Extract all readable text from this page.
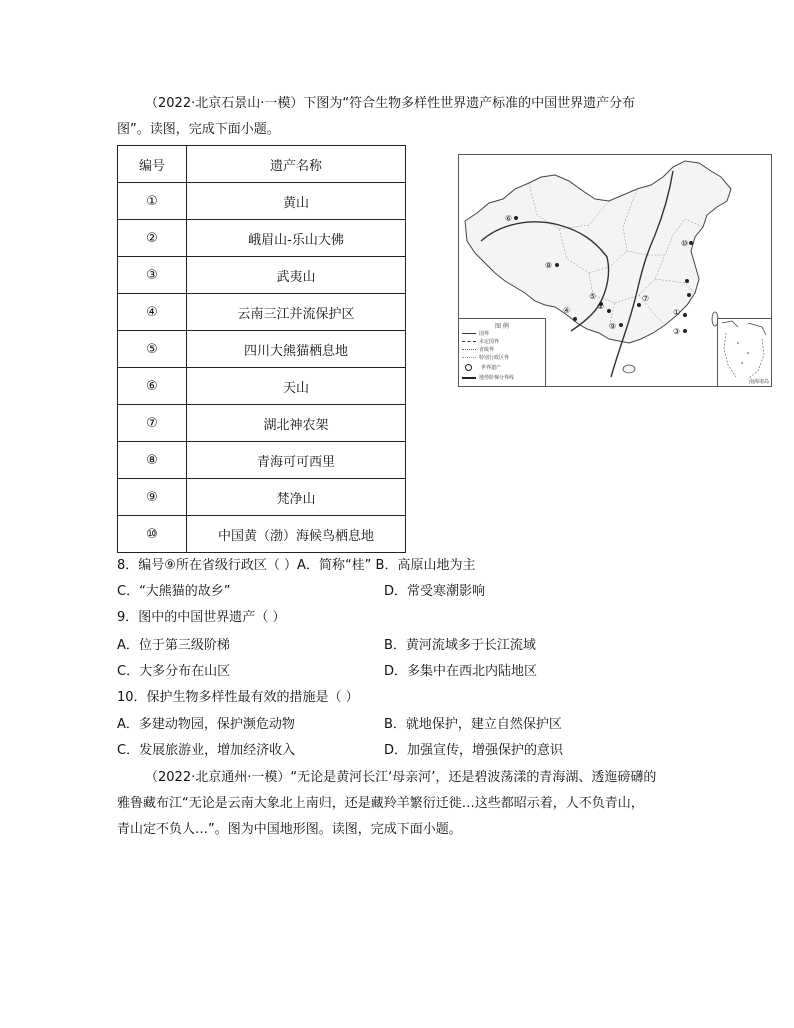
（2022·北京石景山·一模）下图为“符合生物多样性世界遗产标准的中国世界遗产分布
图”。读图，完成下面小题。
编号	遗产名称
①	黄山
②	峨眉山-乐山大佛
③	武夷山
④	云南三江并流保护区
⑤	四川大熊猫栖息地
⑥	天山
⑦	湖北神农架
⑧	青海可可西里
⑨	梵净山
⑩	中国黄（渤）海候鸟栖息地
⑥
⑧
④
⑤
②
⑨
⑦
①
③
⑩
图 例
国界
未定国界
省级界
特别行政区界
世界遗产
地势阶梯分界线
南海诸岛
8．编号⑨所在省级行政区（ ）A．简称“桂” B．高原山地为主
C．“大熊猫的故乡”	D．常受寒潮影响
9．图中的中国世界遗产（ ）
A．位于第三级阶梯	B．黄河流域多于长江流域
C．大多分布在山区	D．多集中在西北内陆地区
10．保护生物多样性最有效的措施是（ ）
A．多建动物园，保护濒危动物	B．就地保护，建立自然保护区
C．发展旅游业，增加经济收入	D．加强宣传，增强保护的意识
（2022·北京通州·一模）“无论是黄河长江‘母亲河’，还是碧波荡漾的青海湖、透迤磅礴的
雅鲁藏布江“无论是云南大象北上南归，还是藏羚羊繁衍迁徙…这些都昭示着，人不负青山，
青山定不负人…”。图为中国地形图。读图，完成下面小题。
